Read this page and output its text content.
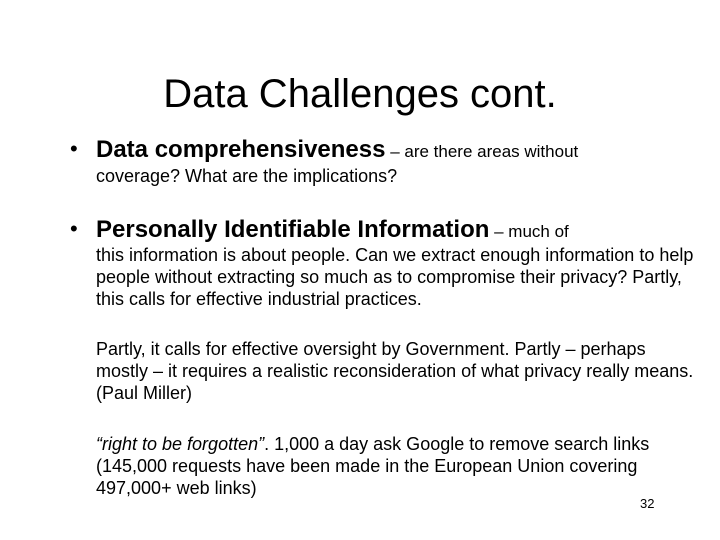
Data Challenges cont.
• Data comprehensiveness – are there areas without
coverage? What are the implications?
• Personally Identifiable Information – much of
this information is about people. Can we extract enough information to help people without extracting so much as to compromise their privacy? Partly, this calls for effective industrial practices.
Partly, it calls for effective oversight by Government. Partly – perhaps mostly – it requires a realistic reconsideration of what privacy really means. (Paul Miller)
“right to be forgotten”. 1,000 a day ask Google to remove search links (145,000 requests have been made in the European Union covering 497,000+ web links)
32
